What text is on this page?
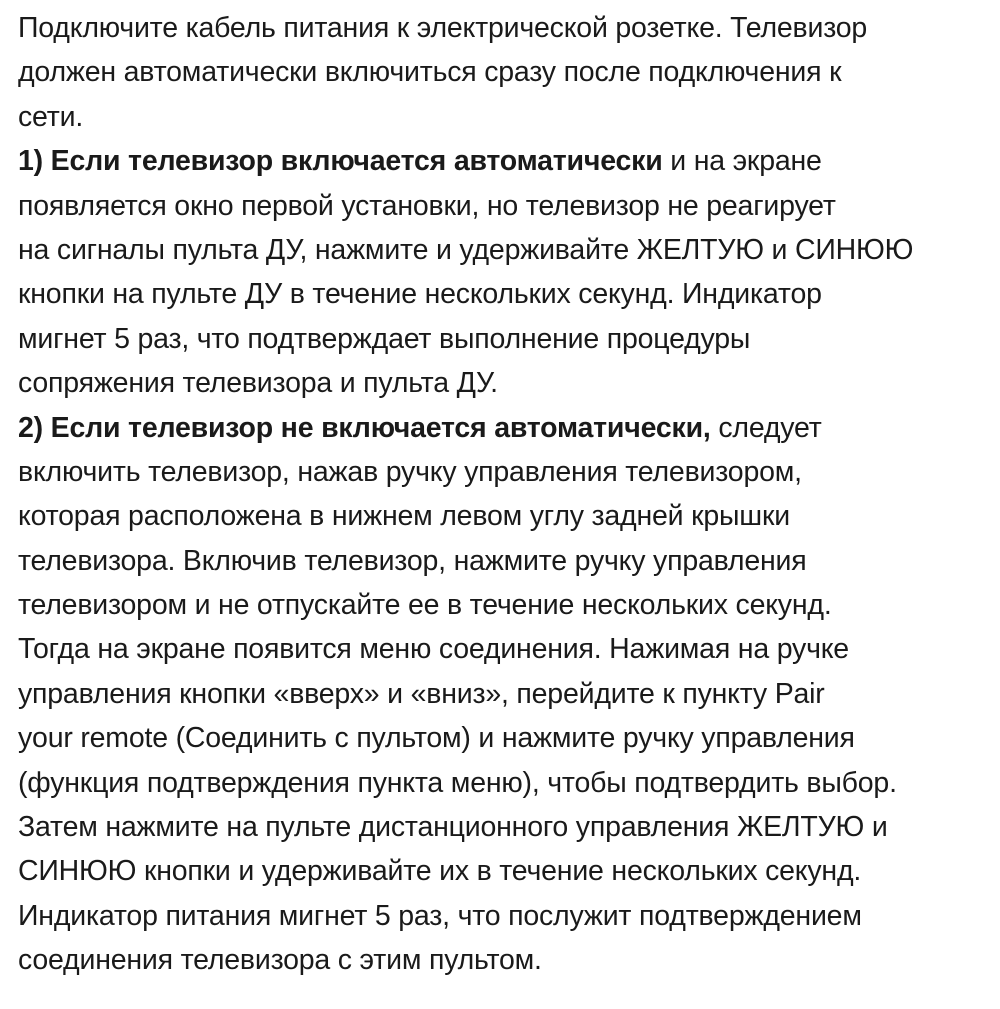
Подключите кабель питания к электрической розетке. Телевизор
должен автоматически включиться сразу после подключения к
сети.
1) Если телевизор включается автоматически и на экране
появляется окно первой установки, но телевизор не реагирует
на сигналы пульта ДУ, нажмите и удерживайте ЖЕЛТУЮ и СИНЮЮ
кнопки на пульте ДУ в течение нескольких секунд. Индикатор
мигнет 5 раз, что подтверждает выполнение процедуры
сопряжения телевизора и пульта ДУ.
2) Если телевизор не включается автоматически, следует
включить телевизор, нажав ручку управления телевизором,
которая расположена в нижнем левом углу задней крышки
телевизора. Включив телевизор, нажмите ручку управления
телевизором и не отпускайте ее в течение нескольких секунд.
Тогда на экране появится меню соединения. Нажимая на ручке
управления кнопки «вверх» и «вниз», перейдите к пункту Pair
your remote (Соединить с пультом) и нажмите ручку управления
(функция подтверждения пункта меню), чтобы подтвердить выбор.
Затем нажмите на пульте дистанционного управления ЖЕЛТУЮ и
СИНЮЮ кнопки и удерживайте их в течение нескольких секунд.
Индикатор питания мигнет 5 раз, что послужит подтверждением
соединения телевизора с этим пультом.
